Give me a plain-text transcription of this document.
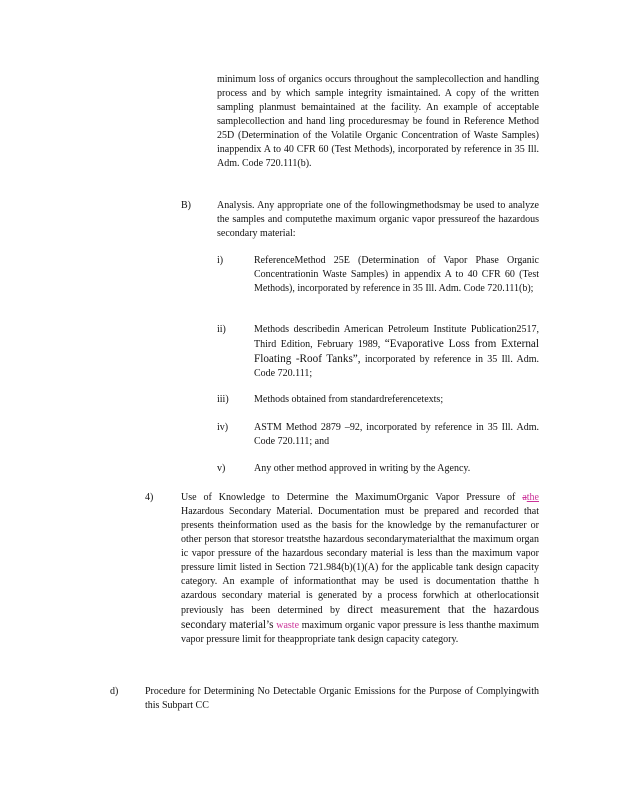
minimum loss of organics occurs throughout the samplecollection and handling process and by which sample integrity ismaintained. A copy of the written sampling planmust bemaintained at the facility. An example of acceptable samplecollection and hand ling proceduresmay be found in Reference Method 25D (Determination of the Volatile Organic Concentration of Waste Samples) inappendix A to 40 CFR 60 (Test Methods), incorporated by reference in 35 Ill. Adm. Code 720.111(b).

B)	Analysis. Any appropriate one of the followingmethodsmay be used to analyze the samples and computethe maximum organic vapor pressureof the hazardous secondary material:

i)	ReferenceMethod 25E (Determination of Vapor Phase Organic Concentrationin Waste Samples) in appendix A to 40 CFR 60 (Test Methods), incorporated by reference in 35 Ill. Adm. Code 720.111(b);

ii)	Methods describedin American Petroleum Institute Publication2517, Third Edition, February 1989, “Evaporative Loss from External Floating -Roof Tanks”, incorporated by reference in 35 Ill. Adm. Code 720.111;

iii)	Methods obtained from standardreferencetexts;

iv)	ASTM Method 2879 –92, incorporated by reference in 35 Ill. Adm. Code 720.111; and

v)	Any other method approved in writing by the Agency.

4)	Use of Knowledge to Determine the MaximumOrganic Vapor Pressure of athe Hazardous Secondary Material. Documentation must be prepared and recorded that presents theinformation used as the basis for the knowledge by the remanufacturer or other person that storesor treatsthe hazardous secondarymaterialthat the maximum organ ic vapor pressure of the hazardous secondary material is less than the maximum vapor pressure limit listed in Section 721.984(b)(1)(A) for the applicable tank design capacity category. An example of informationthat may be used is documentation thatthe h azardous secondary material is generated by a process forwhich at otherlocationsit previously has been determined by direct measurement that the hazardous secondary material’s waste maximum organic vapor pressure is less thanthe maximum vapor pressure limit for theappropriate tank design capacity category.

d)	Procedure for Determining No Detectable Organic Emissions for the Purpose of Complyingwith this Subpart CC
